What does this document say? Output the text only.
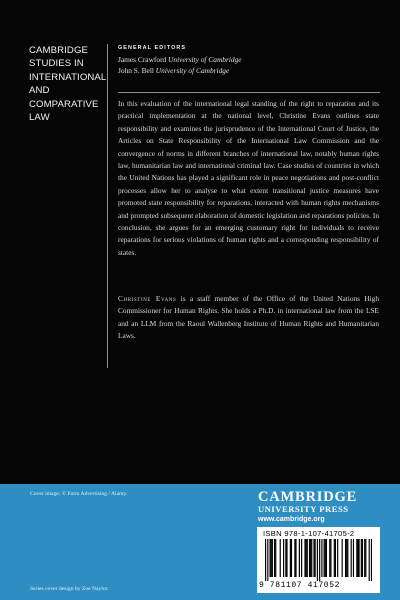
CAMBRIDGE
STUDIES IN
INTERNATIONAL
AND
COMPARATIVE
LAW
GENERAL EDITORS
James Crawford University of Cambridge
John S. Bell University of Cambridge

In this evaluation of the international legal standing of the right to reparation and its practical implementation at the national level, Christine Evans outlines state responsibility and examines the jurisprudence of the International Court of Justice, the Articles on State Responsibility of the International Law Commission and the convergence of norms in different branches of international law, notably human rights law, humanitarian law and international criminal law. Case studies of countries in which the United Nations has played a significant role in peace negotiations and post-conflict processes allow her to analyse to what extent transitional justice measures have promoted state responsibility for reparations, interacted with human rights mechanisms and prompted subsequent elaboration of domestic legislation and reparations policies. In conclusion, she argues for an emerging customary right for individuals to receive reparations for serious violations of human rights and a corresponding responsibility of states.

Christine Evans is a staff member of the Office of the United Nations High Commissioner for Human Rights. She holds a Ph.D. in international law from the LSE and an LLM from the Raoul Wallenberg Institute of Human Rights and Humanitarian Laws.

Cover image: © Form Advertising / Alamy.
Series cover design by Zoe Naylor.
CAMBRIDGE
UNIVERSITY PRESS
www.cambridge.org
ISBN 978-1-107-41705-2
9 781107 417052
